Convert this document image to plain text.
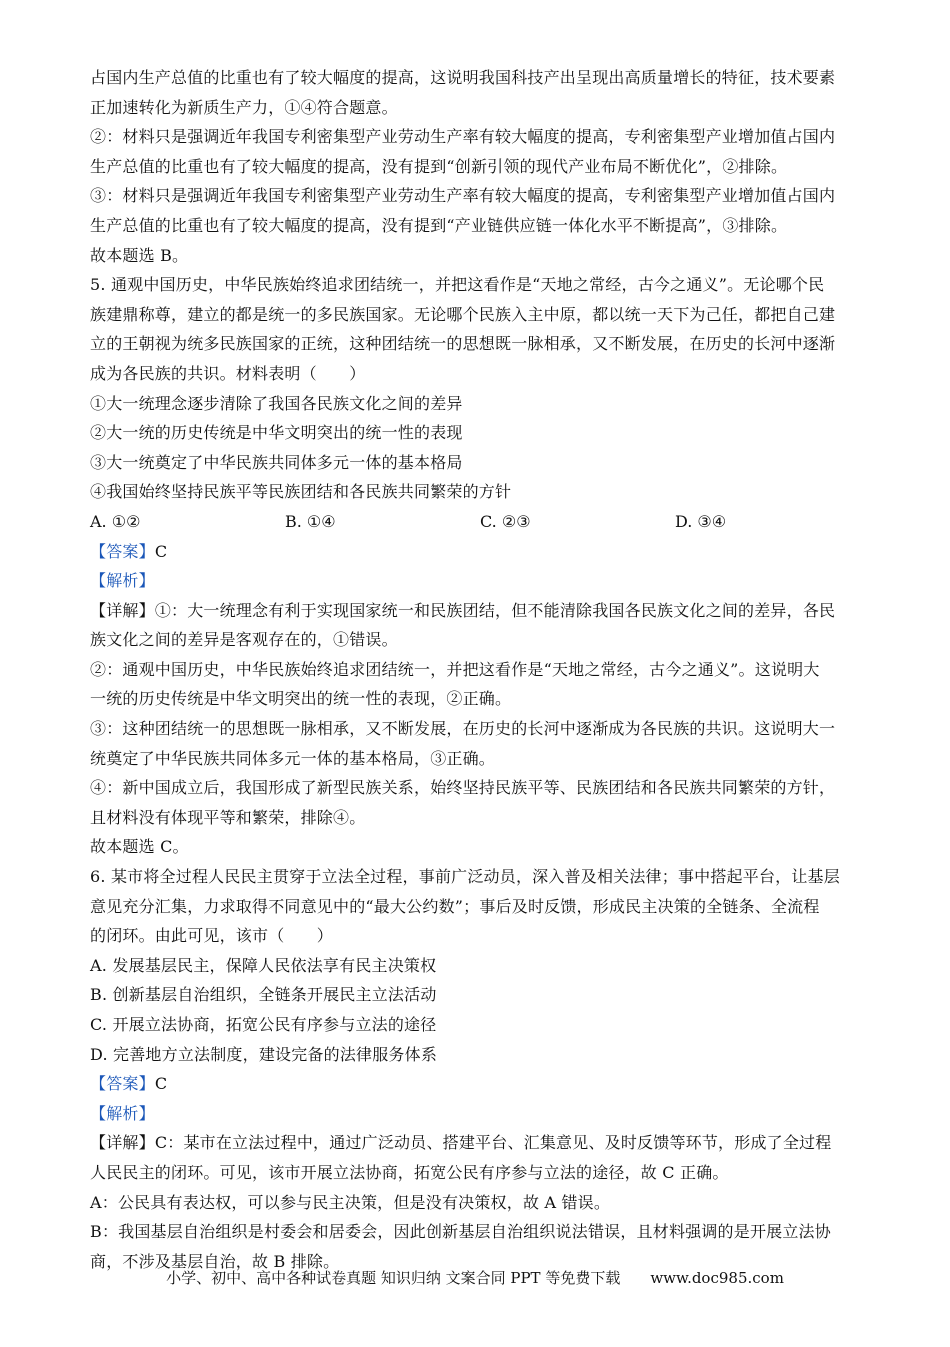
占国内生产总值的比重也有了较大幅度的提高，这说明我国科技产出呈现出高质量增长的特征，技术要素
正加速转化为新质生产力，①④符合题意。
②：材料只是强调近年我国专利密集型产业劳动生产率有较大幅度的提高，专利密集型产业增加值占国内
生产总值的比重也有了较大幅度的提高，没有提到“创新引领的现代产业布局不断优化”，②排除。
③：材料只是强调近年我国专利密集型产业劳动生产率有较大幅度的提高，专利密集型产业增加值占国内
生产总值的比重也有了较大幅度的提高，没有提到“产业链供应链一体化水平不断提高”，③排除。
故本题选 B。
5. 通观中国历史，中华民族始终追求团结统一，并把这看作是“天地之常经，古今之通义”。无论哪个民
族建鼎称尊，建立的都是统一的多民族国家。无论哪个民族入主中原，都以统一天下为己任，都把自己建
立的王朝视为统多民族国家的正统，这种团结统一的思想既一脉相承，又不断发展，在历史的长河中逐渐
成为各民族的共识。材料表明（　　）
①大一统理念逐步清除了我国各民族文化之间的差异
②大一统的历史传统是中华文明突出的统一性的表现
③大一统奠定了中华民族共同体多元一体的基本格局
④我国始终坚持民族平等民族团结和各民族共同繁荣的方针
A. ①②	B. ①④	C. ②③	D. ③④
【答案】C
【解析】
【详解】①：大一统理念有利于实现国家统一和民族团结，但不能清除我国各民族文化之间的差异，各民
族文化之间的差异是客观存在的，①错误。
②：通观中国历史，中华民族始终追求团结统一，并把这看作是“天地之常经，古今之通义”。这说明大
一统的历史传统是中华文明突出的统一性的表现，②正确。
③：这种团结统一的思想既一脉相承，又不断发展，在历史的长河中逐渐成为各民族的共识。这说明大一
统奠定了中华民族共同体多元一体的基本格局，③正确。
④：新中国成立后，我国形成了新型民族关系，始终坚持民族平等、民族团结和各民族共同繁荣的方针，
且材料没有体现平等和繁荣，排除④。
故本题选 C。
6. 某市将全过程人民民主贯穿于立法全过程，事前广泛动员，深入普及相关法律；事中搭起平台，让基层
意见充分汇集，力求取得不同意见中的“最大公约数”；事后及时反馈，形成民主决策的全链条、全流程
的闭环。由此可见，该市（　　）
A. 发展基层民主，保障人民依法享有民主决策权
B. 创新基层自治组织，全链条开展民主立法活动
C. 开展立法协商，拓宽公民有序参与立法的途径
D. 完善地方立法制度，建设完备的法律服务体系
【答案】C
【解析】
【详解】C：某市在立法过程中，通过广泛动员、搭建平台、汇集意见、及时反馈等环节，形成了全过程
人民民主的闭环。可见，该市开展立法协商，拓宽公民有序参与立法的途径，故 C 正确。
A：公民具有表达权，可以参与民主决策，但是没有决策权，故 A 错误。
B：我国基层自治组织是村委会和居委会，因此创新基层自治组织说法错误，且材料强调的是开展立法协
商，不涉及基层自治，故 B 排除。
小学、初中、高中各种试卷真题 知识归纳 文案合同 PPT 等免费下载　　www.doc985.com
